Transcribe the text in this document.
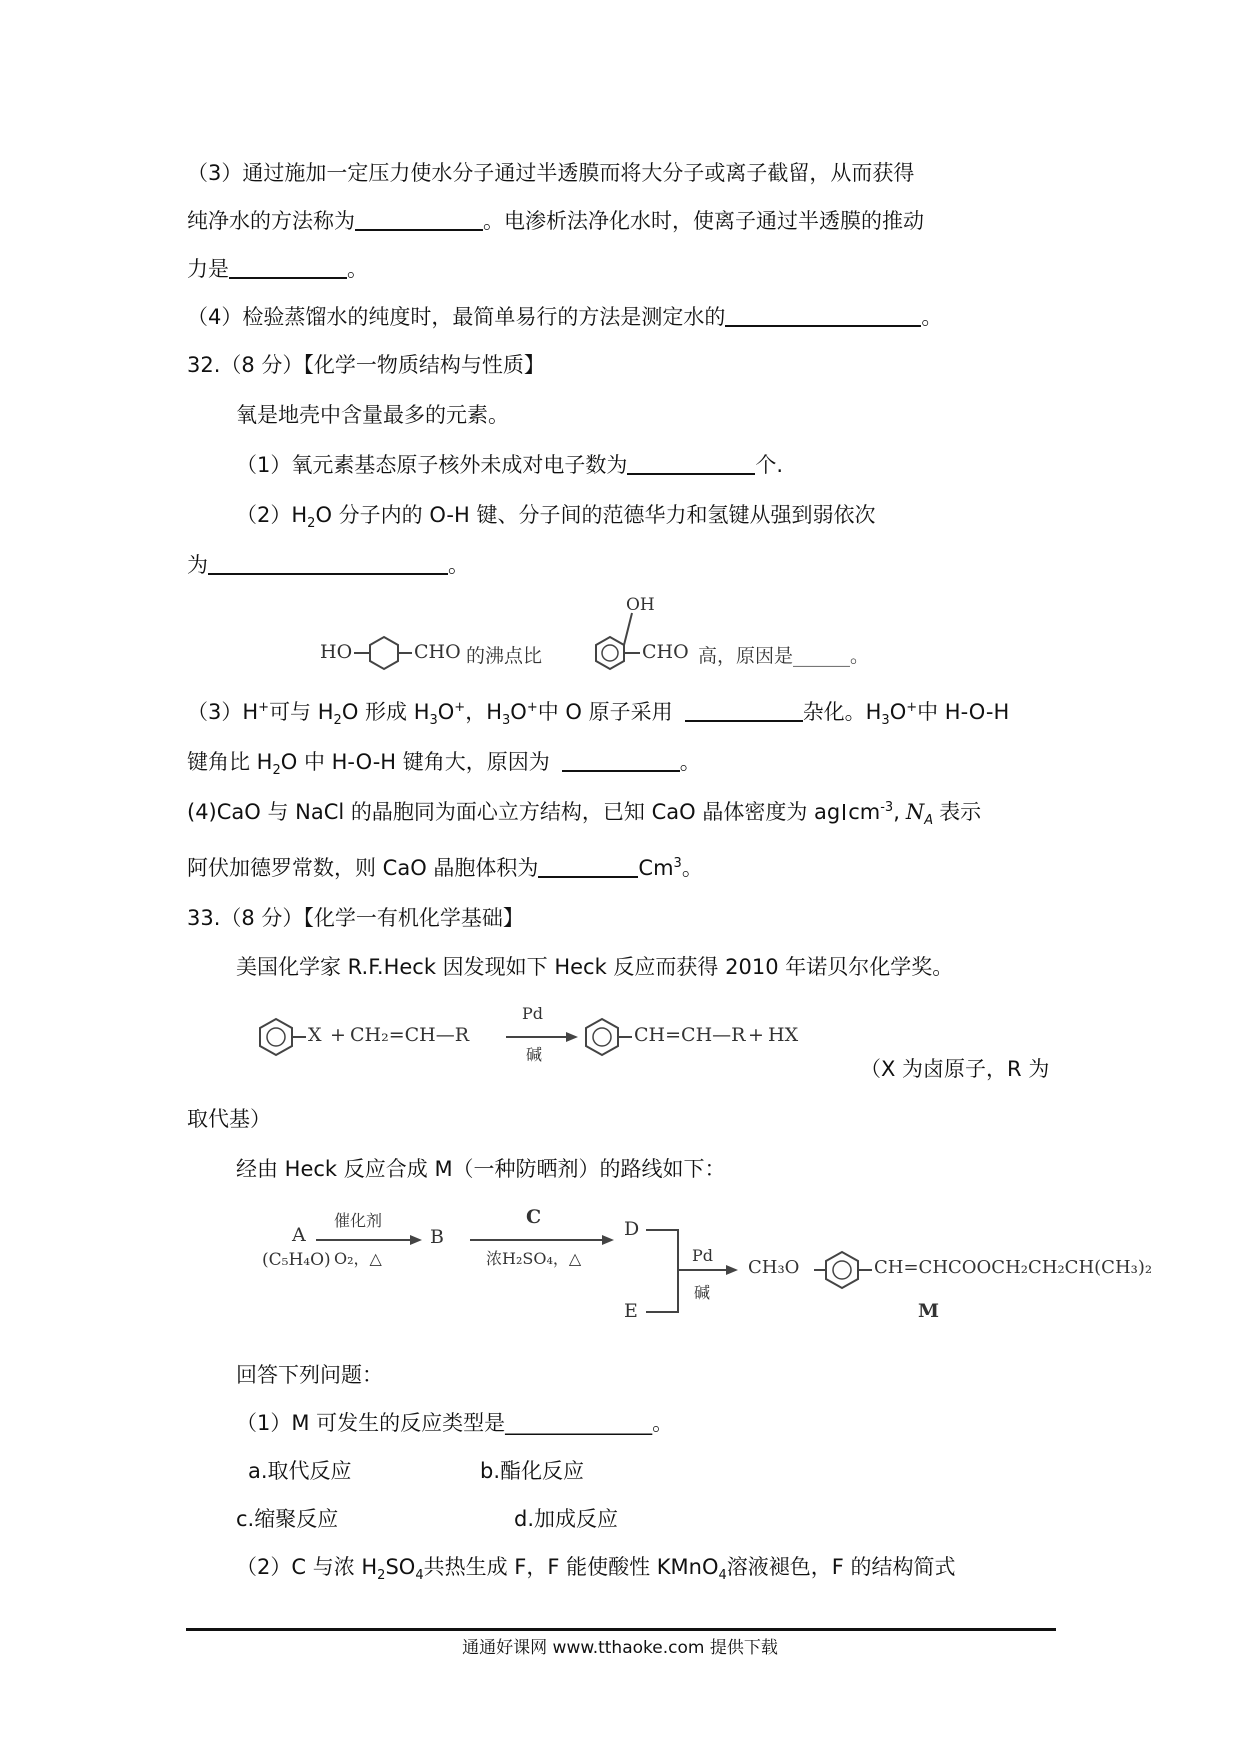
（3）通过施加一定压力使水分子通过半透膜而将大分子或离子截留，从而获得
纯净水的方法称为	。电渗析法净化水时，使离子通过半透膜的推动
力是	。
（4）检验蒸馏水的纯度时，最简单易行的方法是测定水的	。
32.（8 分）【化学一物质结构与性质】
氧是地壳中含量最多的元素。
（1）氧元素基态原子核外未成对电子数为	个.
$(2)H_2O$ 分子内的 O-H 键、分子间的范德华力和氢键从强到弱依次
为	。
HO	CHO 的沸点比
OH
CHO 高，原因是______。
（3）H+可与 $H_2O$ 形成 $H_3O^+$，$H_3O^+$中 O 原子采用	杂化。$H_3O^+$中 H-O-H
键角比 $H_2O$ 中 H-O-H 键角大，原因为	。
(4)CaO 与 NaCl 的晶胞同为面心立方结构，已知 CaO 晶体密度为 ag $cm^{-3}$, $N_A$ 表示
阿伏加德罗常数，则 CaO 晶胞体积为	Cm$^3$。
33.（8 分）【化学一有机化学基础】
美国化学家 R.F.Heck 因发现如下 Heck 反应而获得 2010 年诺贝尔化学奖。
X + CH₂=CH—R
Pd
碱
CH=CH—R + HX
（X 为卤原子，R 为
取代基）
经由 Heck 反应合成 M（一种防晒剂）的路线如下：
A
(C₅H₄O)
催化剂
O₂，△
B
C
浓H₂SO₄，△
D
E
Pd
碱
CH₃O	CH=CHCOOCH₂CH₂CH(CH₃)₂
M
回答下列问题：
（1）M 可发生的反应类型是______________。
a.取代反应	b.酯化反应
c.缩聚反应	d.加成反应
（2）C 与浓 $H_2SO_4$共热生成 F，F 能使酸性 KMnO$_4$溶液褪色，F 的结构简式
通通好课网 www.tthaoke.com 提供下载
